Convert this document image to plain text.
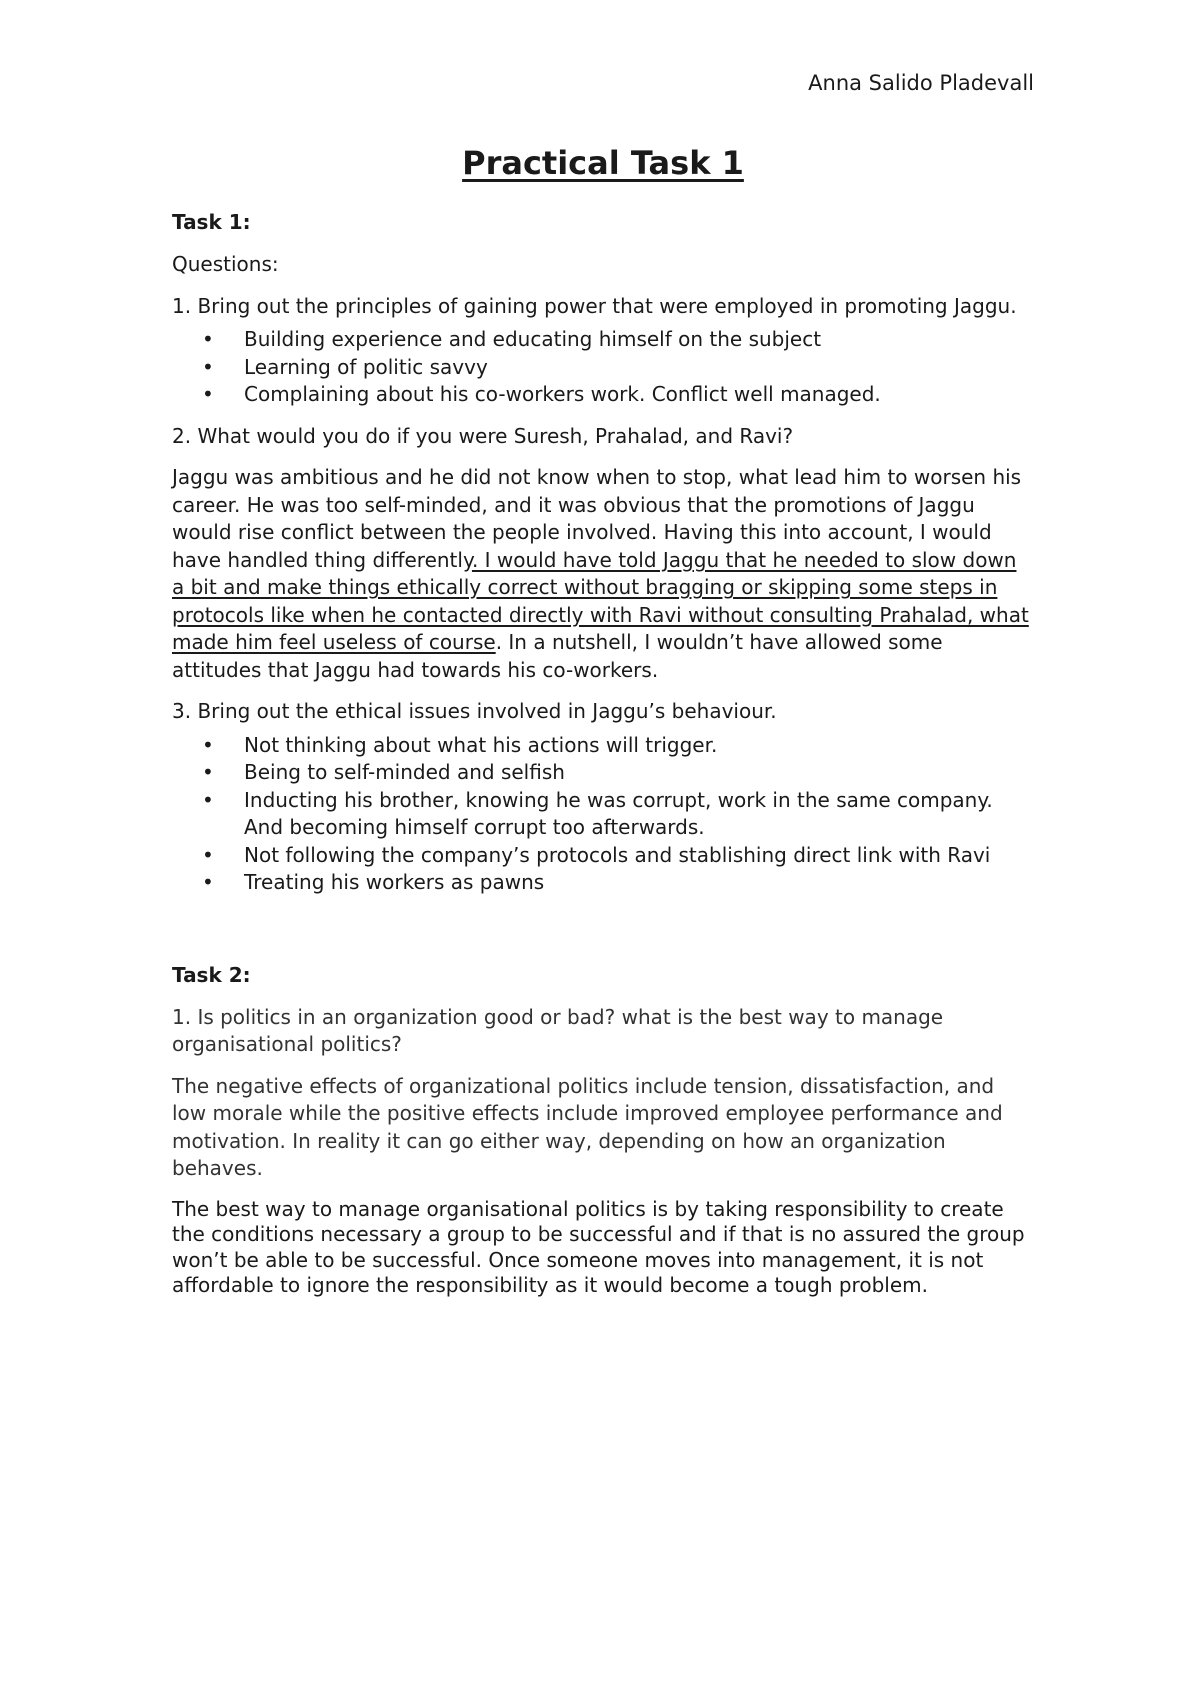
Anna Salido Pladevall

Practical Task 1
Task 1:

Questions:

1. Bring out the principles of gaining power that were employed in promoting Jaggu.

• Building experience and educating himself on the subject
• Learning of politic savvy
• Complaining about his co-workers work. Conflict well managed.

2. What would you do if you were Suresh, Prahalad, and Ravi?

Jaggu was ambitious and he did not know when to stop, what lead him to worsen his career. He was too self-minded, and it was obvious that the promotions of Jaggu would rise conflict between the people involved. Having this into account, I would have handled thing differently. I would have told Jaggu that he needed to slow down a bit and make things ethically correct without bragging or skipping some steps in protocols like when he contacted directly with Ravi without consulting Prahalad, what made him feel useless of course. In a nutshell, I wouldn’t have allowed some attitudes that Jaggu had towards his co-workers.

3. Bring out the ethical issues involved in Jaggu’s behaviour.

• Not thinking about what his actions will trigger.
• Being to self-minded and selfish
• Inducting his brother, knowing he was corrupt, work in the same company. And becoming himself corrupt too afterwards.
• Not following the company’s protocols and stablishing direct link with Ravi
• Treating his workers as pawns
Task 2:

1. Is politics in an organization good or bad? what is the best way to manage organisational politics?

The negative effects of organizational politics include tension, dissatisfaction, and low morale while the positive effects include improved employee performance and motivation. In reality it can go either way, depending on how an organization behaves.

The best way to manage organisational politics is by taking responsibility to create the conditions necessary a group to be successful and if that is no assured the group won’t be able to be successful. Once someone moves into management, it is not affordable to ignore the responsibility as it would become a tough problem.
